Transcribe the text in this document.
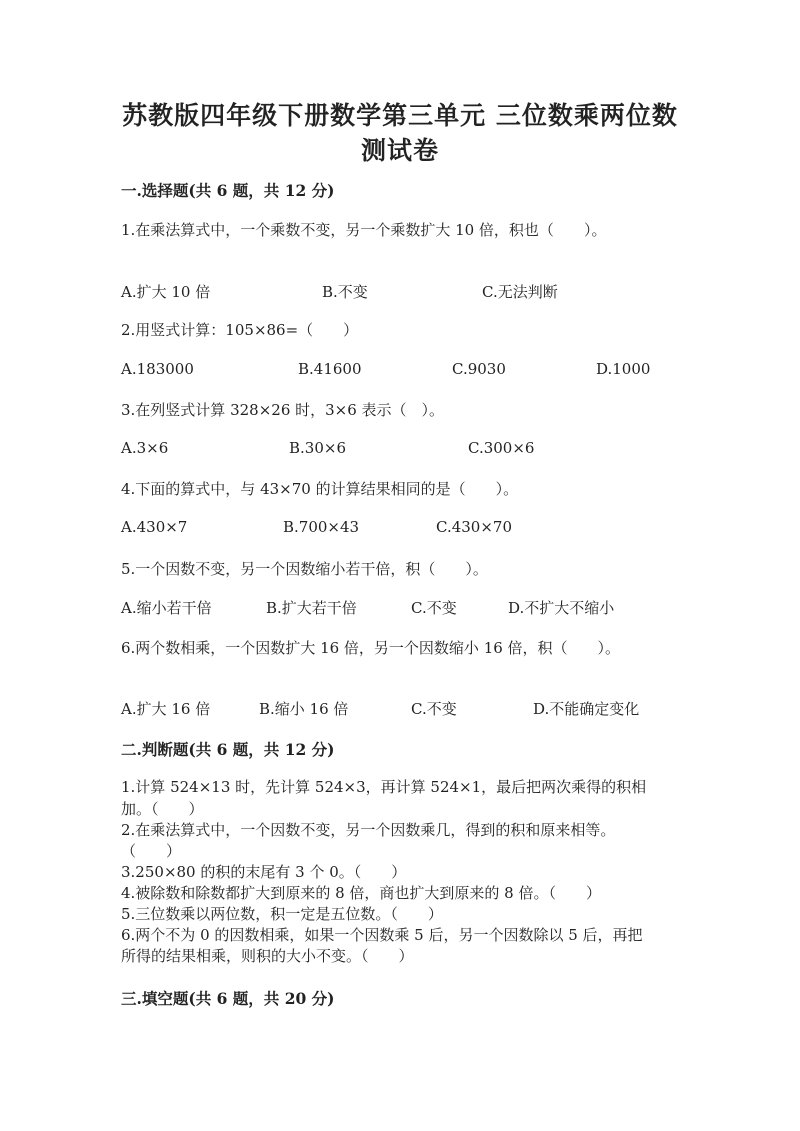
苏教版四年级下册数学第三单元 三位数乘两位数
测试卷
一.选择题(共 6 题，共 12 分)
1.在乘法算式中，一个乘数不变，另一个乘数扩大 10 倍，积也（　　）。
A.扩大 10 倍	B.不变	C.无法判断
2.用竖式计算：105×86=（　　）
A.183000	B.41600	C.9030	D.1000
3.在列竖式计算 328×26 时，3×6 表示（　）。
A.3×6	B.30×6	C.300×6
4.下面的算式中，与 43×70 的计算结果相同的是（　　）。
A.430×7	B.700×43	C.430×70
5.一个因数不变，另一个因数缩小若干倍，积（　　）。
A.缩小若干倍	B.扩大若干倍	C.不变	D.不扩大不缩小
6.两个数相乘，一个因数扩大 16 倍，另一个因数缩小 16 倍，积（　　）。
A.扩大 16 倍	B.缩小 16 倍	C.不变	D.不能确定变化
二.判断题(共 6 题，共 12 分)
1.计算 524×13 时，先计算 524×3，再计算 524×1，最后把两次乘得的积相
加。（　　）
2.在乘法算式中，一个因数不变，另一个因数乘几，得到的积和原来相等。
（　　）
3.250×80 的积的末尾有 3 个 0。（　　）
4.被除数和除数都扩大到原来的 8 倍，商也扩大到原来的 8 倍。（　　）
5.三位数乘以两位数，积一定是五位数。（　　）
6.两个不为 0 的因数相乘，如果一个因数乘 5 后，另一个因数除以 5 后，再把
所得的结果相乘，则积的大小不变。（　　）
三.填空题(共 6 题，共 20 分)
